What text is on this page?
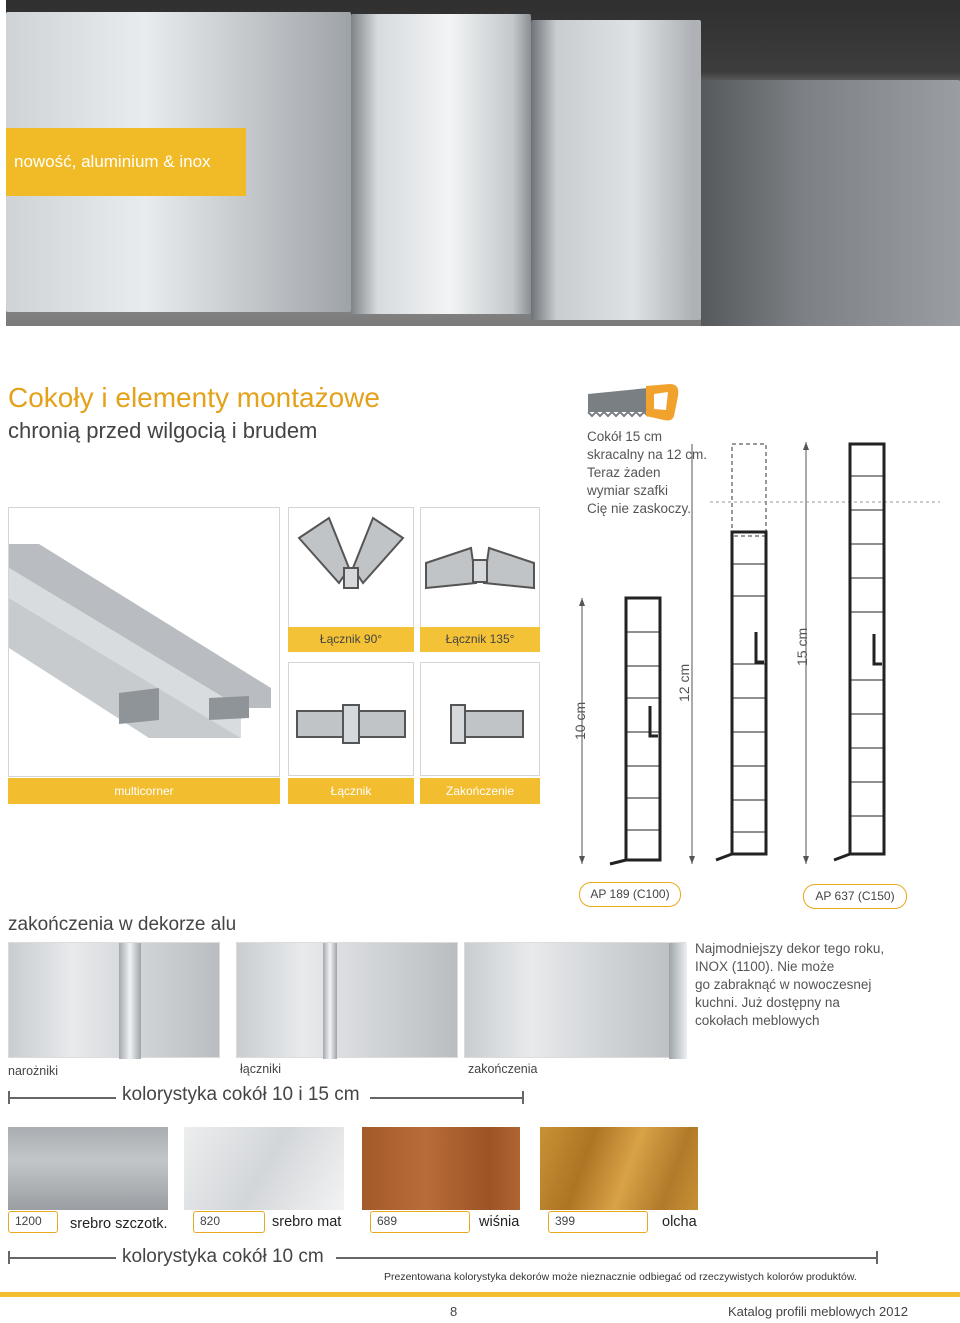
nowość, aluminium & inox
Cokoły i elementy montażowe
chronią przed wilgocią i brudem	Cokół 15 cm
skracalny na 12 cm.
Teraz żaden
wymiar szafki
Cię nie zaskoczy.
multicorner
Łącznik 90°	Łącznik 135°
Łącznik	Zakończenie
10 cm
12 cm
15 cm
AP 189 (C100)	AP 637 (C150)
zakończenia w dekorze alu
Najmodniejszy dekor tego roku,
INOX (1100). Nie może
go zabraknąć w nowoczesnej
kuchni. Już dostępny na
cokołach meblowych
narożniki	łączniki	zakończenia
kolorystyka cokół 10 i 15 cm
1200	srebro szczotk.	820	srebro mat	689	wiśnia	399	olcha
kolorystyka cokół 10 cm
Prezentowana kolorystyka dekorów może nieznacznie odbiegać od rzeczywistych kolorów produktów.
8	Katalog profili meblowych 2012
